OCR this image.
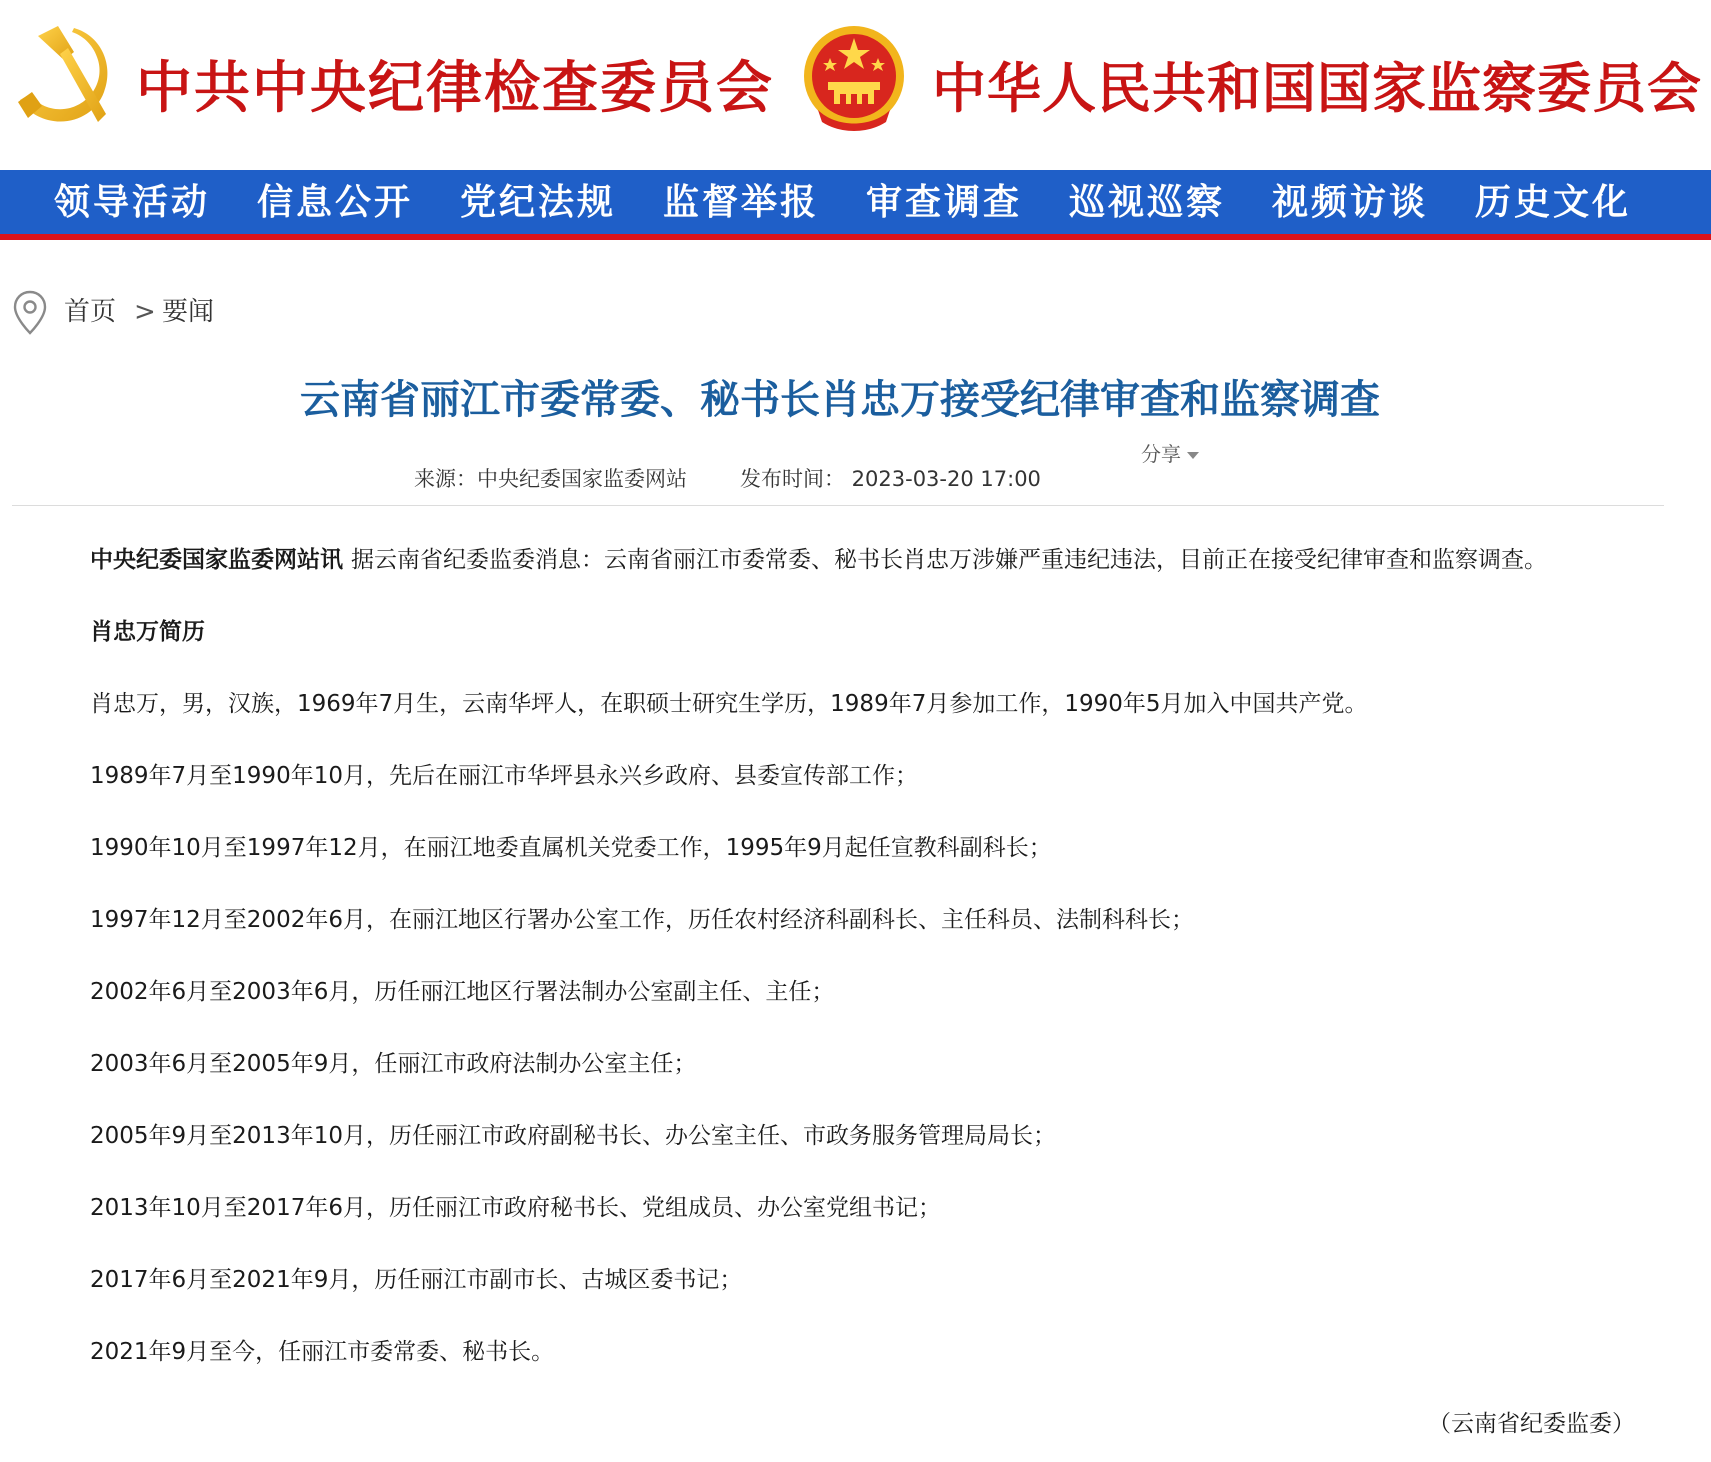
中共中央纪律检查委员会	中华人民共和国国家监察委员会
领导活动 信息公开 党纪法规 监督举报 审查调查 巡视巡察 视频访谈 历史文化
首页 > 要闻
云南省丽江市委常委、秘书长肖忠万接受纪律审查和监察调查
分享
来源：中央纪委国家监委网站	发布时间： 2023-03-20 17:00

中央纪委国家监委网站讯 据云南省纪委监委消息：云南省丽江市委常委、秘书长肖忠万涉嫌严重违纪违法，目前正在接受纪律审查和监察调查。

肖忠万简历

肖忠万，男，汉族，1969年7月生，云南华坪人，在职硕士研究生学历，1989年7月参加工作，1990年5月加入中国共产党。

1989年7月至1990年10月，先后在丽江市华坪县永兴乡政府、县委宣传部工作；

1990年10月至1997年12月，在丽江地委直属机关党委工作，1995年9月起任宣教科副科长；

1997年12月至2002年6月，在丽江地区行署办公室工作，历任农村经济科副科长、主任科员、法制科科长；

2002年6月至2003年6月，历任丽江地区行署法制办公室副主任、主任；

2003年6月至2005年9月，任丽江市政府法制办公室主任；

2005年9月至2013年10月，历任丽江市政府副秘书长、办公室主任、市政务服务管理局局长；

2013年10月至2017年6月，历任丽江市政府秘书长、党组成员、办公室党组书记；

2017年6月至2021年9月，历任丽江市副市长、古城区委书记；

2021年9月至今，任丽江市委常委、秘书长。

（云南省纪委监委）
